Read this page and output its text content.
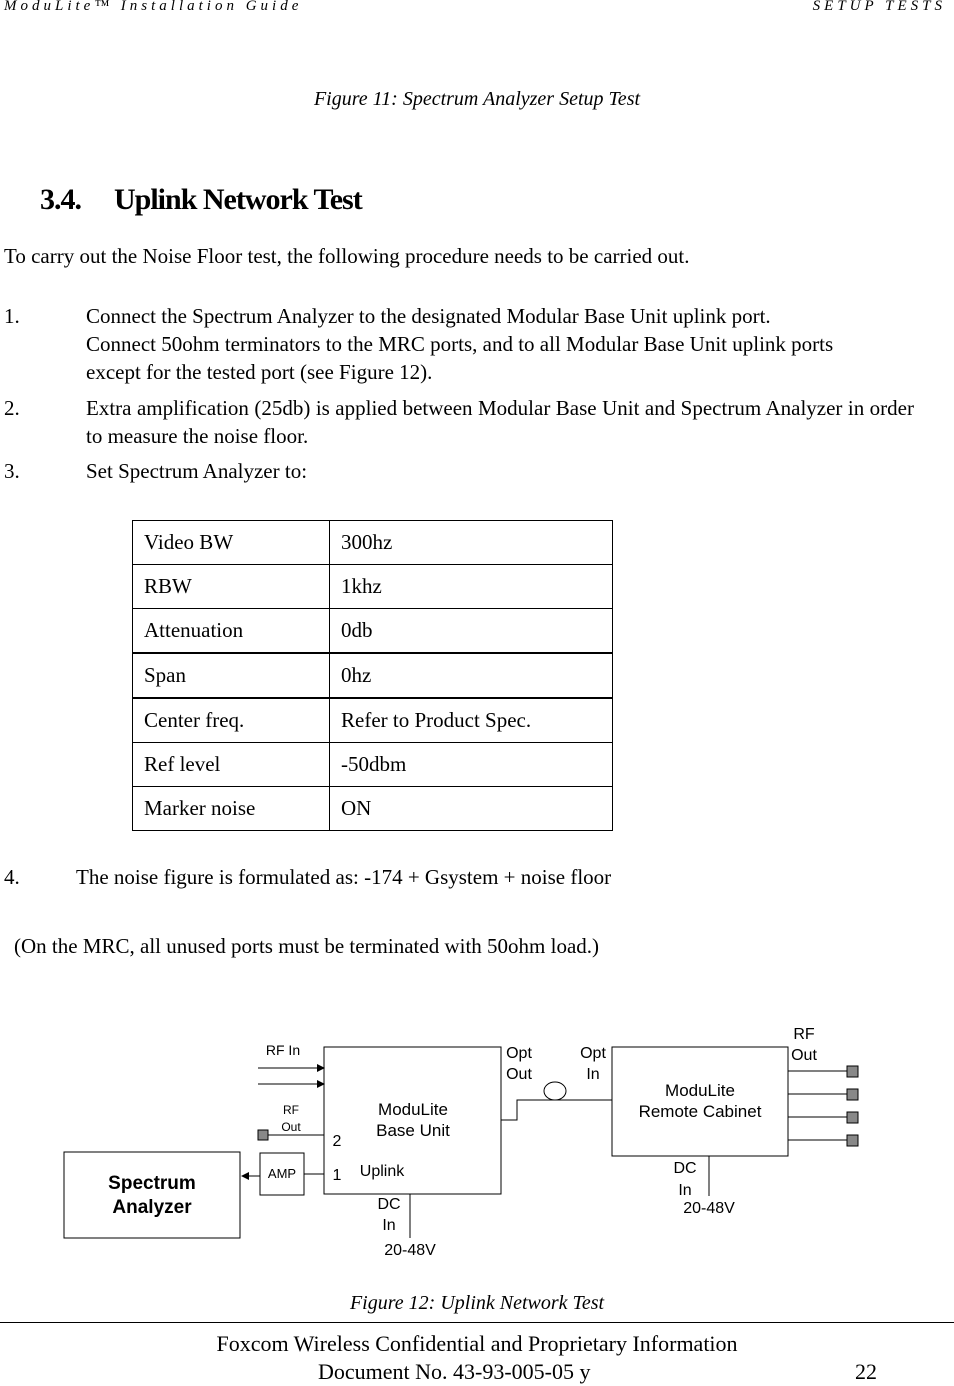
ModuLite™ Installation Guide	SETUP TESTS
Figure 11: Spectrum Analyzer Setup Test
3.4. Uplink Network Test
To carry out the Noise Floor test, the following procedure needs to be carried out.
1.	Connect the Spectrum Analyzer to the designated Modular Base Unit uplink port.
Connect 50ohm terminators to the MRC ports, and to all Modular Base Unit uplink ports
except for the tested port (see Figure 12).
2.	Extra amplification (25db) is applied between Modular Base Unit and Spectrum Analyzer in order to measure the noise floor.
3.	Set Spectrum Analyzer to:
Video BW	300hz
RBW	1khz
Attenuation	0db
Span	0hz
Center freq.	Refer to Product Spec.
Ref level	-50dbm
Marker noise	ON
4.	The noise figure is formulated as: -174 + Gsystem + noise floor
(On the MRC, all unused ports must be terminated with 50ohm load.)
Spectrum
Analyzer
AMP
RF In
RF
Out
ModuLite
Base Unit
2
1 Uplink
DC
In
20-48V
Opt
Out
Opt
In
ModuLite
Remote Cabinet
RF
Out
DC
In
20-48V
Figure 12: Uplink Network Test
Foxcom Wireless Confidential and Proprietary Information
Document No. 43-93-005-05 y	22
